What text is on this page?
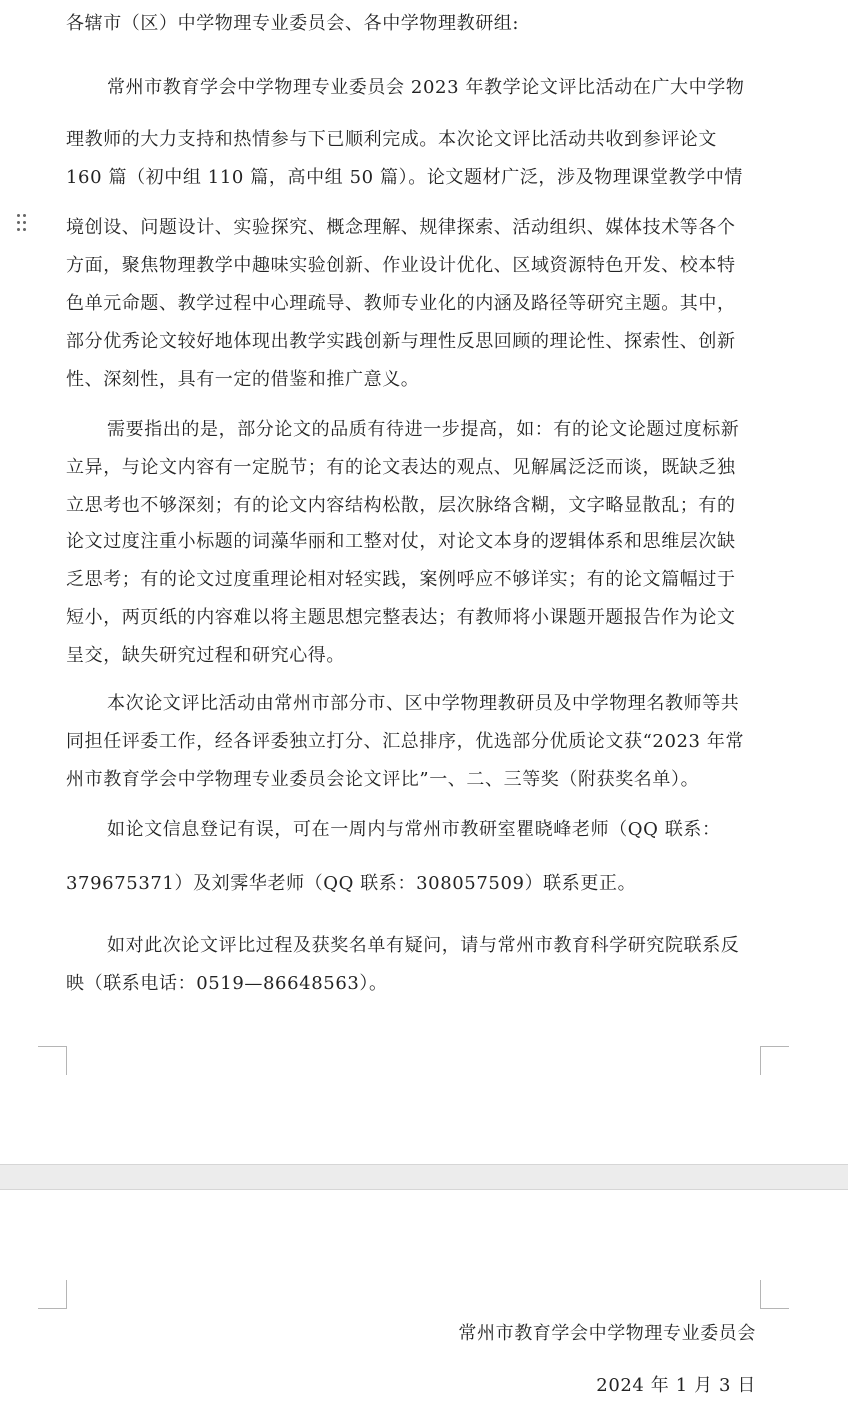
各辖市（区）中学物理专业委员会、各中学物理教研组:
常州市教育学会中学物理专业委员会 2023 年教学论文评比活动在广大中学物
理教师的大力支持和热情参与下已顺利完成。本次论文评比活动共收到参评论文
160 篇（初中组 110 篇，高中组 50 篇）。论文题材广泛，涉及物理课堂教学中情
境创设、问题设计、实验探究、概念理解、规律探索、活动组织、媒体技术等各个
方面，聚焦物理教学中趣味实验创新、作业设计优化、区域资源特色开发、校本特
色单元命题、教学过程中心理疏导、教师专业化的内涵及路径等研究主题。其中，
部分优秀论文较好地体现出教学实践创新与理性反思回顾的理论性、探索性、创新
性、深刻性，具有一定的借鉴和推广意义。
需要指出的是，部分论文的品质有待进一步提高，如：有的论文论题过度标新
立异，与论文内容有一定脱节；有的论文表达的观点、见解属泛泛而谈，既缺乏独
立思考也不够深刻；有的论文内容结构松散，层次脉络含糊，文字略显散乱；有的
论文过度注重小标题的词藻华丽和工整对仗，对论文本身的逻辑体系和思维层次缺
乏思考；有的论文过度重理论相对轻实践，案例呼应不够详实；有的论文篇幅过于
短小，两页纸的内容难以将主题思想完整表达；有教师将小课题开题报告作为论文
呈交，缺失研究过程和研究心得。
本次论文评比活动由常州市部分市、区中学物理教研员及中学物理名教师等共
同担任评委工作，经各评委独立打分、汇总排序，优选部分优质论文获“2023 年常
州市教育学会中学物理专业委员会论文评比”一、二、三等奖（附获奖名单）。
如论文信息登记有误，可在一周内与常州市教研室瞿晓峰老师（QQ 联系：
379675371）及刘霁华老师（QQ 联系：308057509）联系更正。
如对此次论文评比过程及获奖名单有疑问，请与常州市教育科学研究院联系反
映（联系电话：0519—86648563）。
常州市教育学会中学物理专业委员会
2024 年 1 月 3 日
